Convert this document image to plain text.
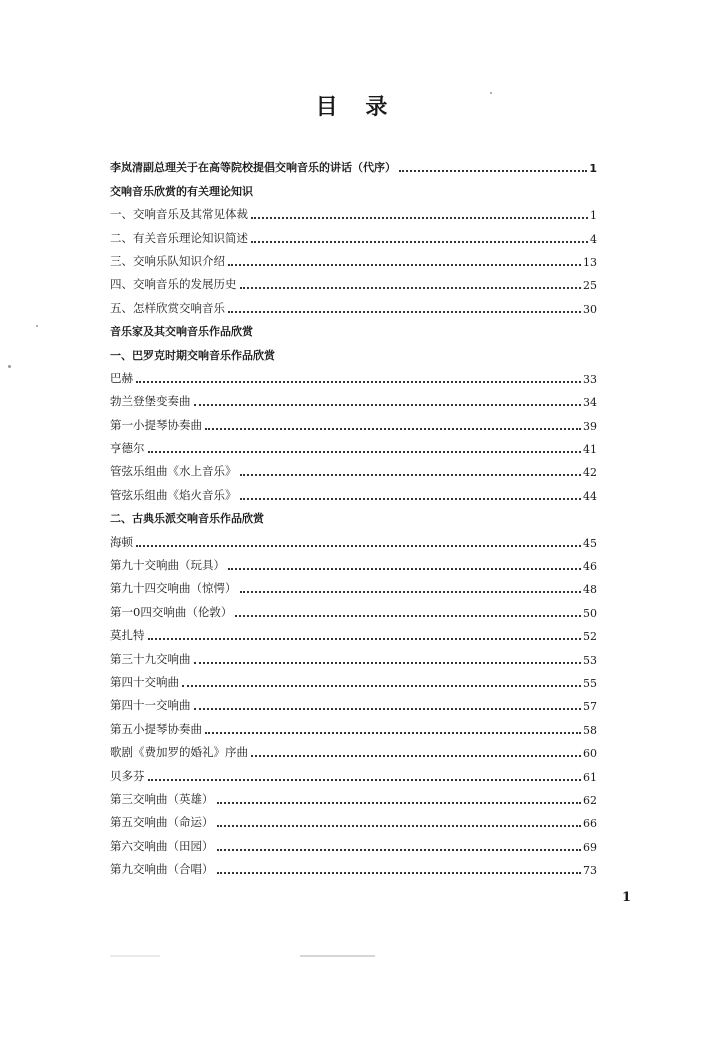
目 录
李岚清副总理关于在高等院校提倡交响音乐的讲话（代序）	1
交响音乐欣赏的有关理论知识
一、交响音乐及其常见体裁	1
二、有关音乐理论知识简述	4
三、交响乐队知识介绍	13
四、交响音乐的发展历史	25
五、怎样欣赏交响音乐	30
音乐家及其交响音乐作品欣赏
一、巴罗克时期交响音乐作品欣赏
巴赫	33
勃兰登堡变奏曲	34
第一小提琴协奏曲	39
亨德尔	41
管弦乐组曲《水上音乐》	42
管弦乐组曲《焰火音乐》	44
二、古典乐派交响音乐作品欣赏
海顿	45
第九十交响曲（玩具）	46
第九十四交响曲（惊愕）	48
第一0四交响曲（伦敦）	50
莫扎特	52
第三十九交响曲	53
第四十交响曲	55
第四十一交响曲	57
第五小提琴协奏曲	58
歌剧《费加罗的婚礼》序曲	60
贝多芬	61
第三交响曲（英雄）	62
第五交响曲（命运）	66
第六交响曲（田园）	69
第九交响曲（合唱）	73
1
